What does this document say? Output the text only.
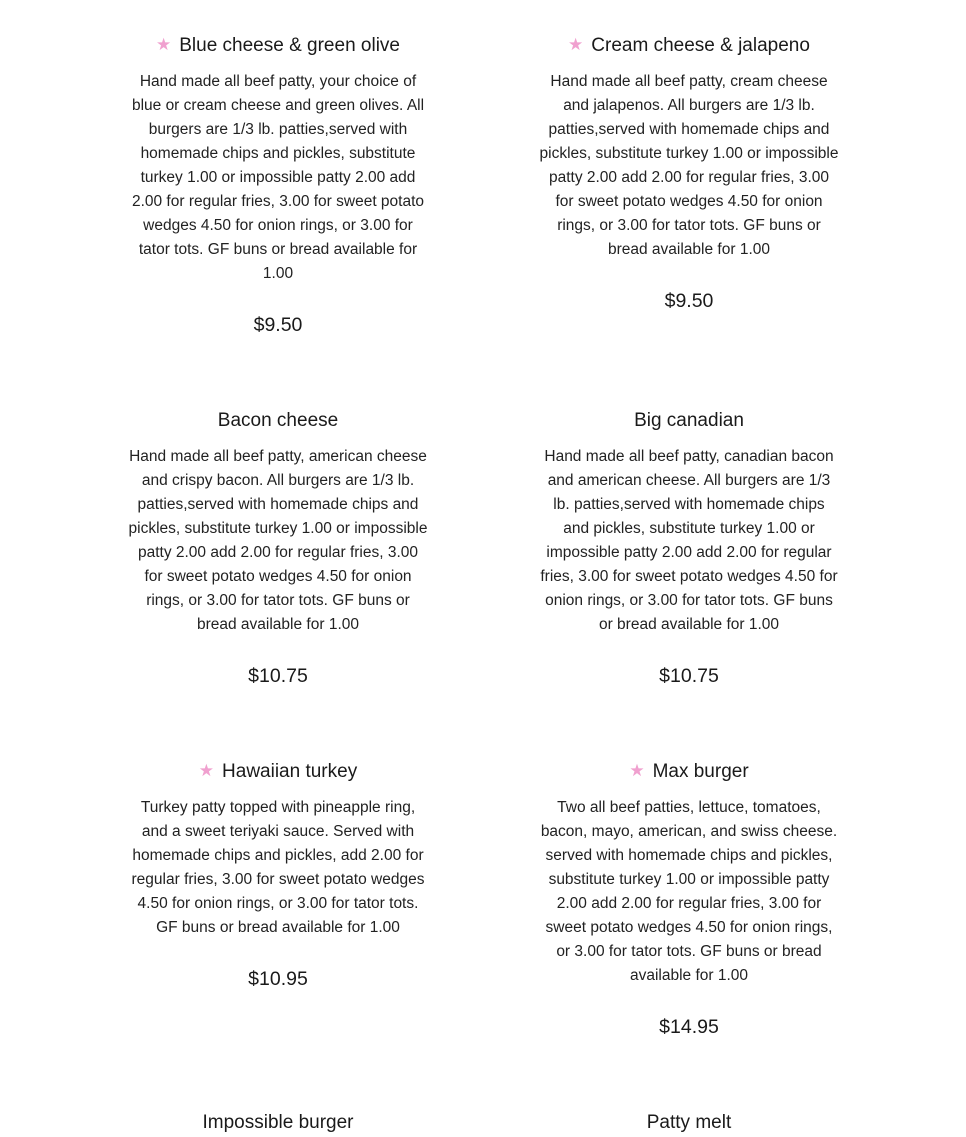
★ Blue cheese & green olive
Hand made all beef patty, your choice of blue or cream cheese and green olives. All burgers are 1/3 lb. patties,served with homemade chips and pickles, substitute turkey 1.00 or impossible patty 2.00 add 2.00 for regular fries, 3.00 for sweet potato wedges 4.50 for onion rings, or 3.00 for tator tots. GF buns or bread available for 1.00
$9.50
★ Cream cheese & jalapeno
Hand made all beef patty, cream cheese and jalapenos. All burgers are 1/3 lb. patties,served with homemade chips and pickles, substitute turkey 1.00 or impossible patty 2.00 add 2.00 for regular fries, 3.00 for sweet potato wedges 4.50 for onion rings, or 3.00 for tator tots. GF buns or bread available for 1.00
$9.50
Bacon cheese
Hand made all beef patty, american cheese and crispy bacon. All burgers are 1/3 lb. patties,served with homemade chips and pickles, substitute turkey 1.00 or impossible patty 2.00 add 2.00 for regular fries, 3.00 for sweet potato wedges 4.50 for onion rings, or 3.00 for tator tots. GF buns or bread available for 1.00
$10.75
Big canadian
Hand made all beef patty, canadian bacon and american cheese. All burgers are 1/3 lb. patties,served with homemade chips and pickles, substitute turkey 1.00 or impossible patty 2.00 add 2.00 for regular fries, 3.00 for sweet potato wedges 4.50 for onion rings, or 3.00 for tator tots. GF buns or bread available for 1.00
$10.75
★ Hawaiian turkey
Turkey patty topped with pineapple ring, and a sweet teriyaki sauce. Served with homemade chips and pickles, add 2.00 for regular fries, 3.00 for sweet potato wedges 4.50 for onion rings, or 3.00 for tator tots. GF buns or bread available for 1.00
$10.95
★ Max burger
Two all beef patties, lettuce, tomatoes, bacon, mayo, american, and swiss cheese. served with homemade chips and pickles, substitute turkey 1.00 or impossible patty 2.00 add 2.00 for regular fries, 3.00 for sweet potato wedges 4.50 for onion rings, or 3.00 for tator tots. GF buns or bread available for 1.00
$14.95
Impossible burger	Patty melt
